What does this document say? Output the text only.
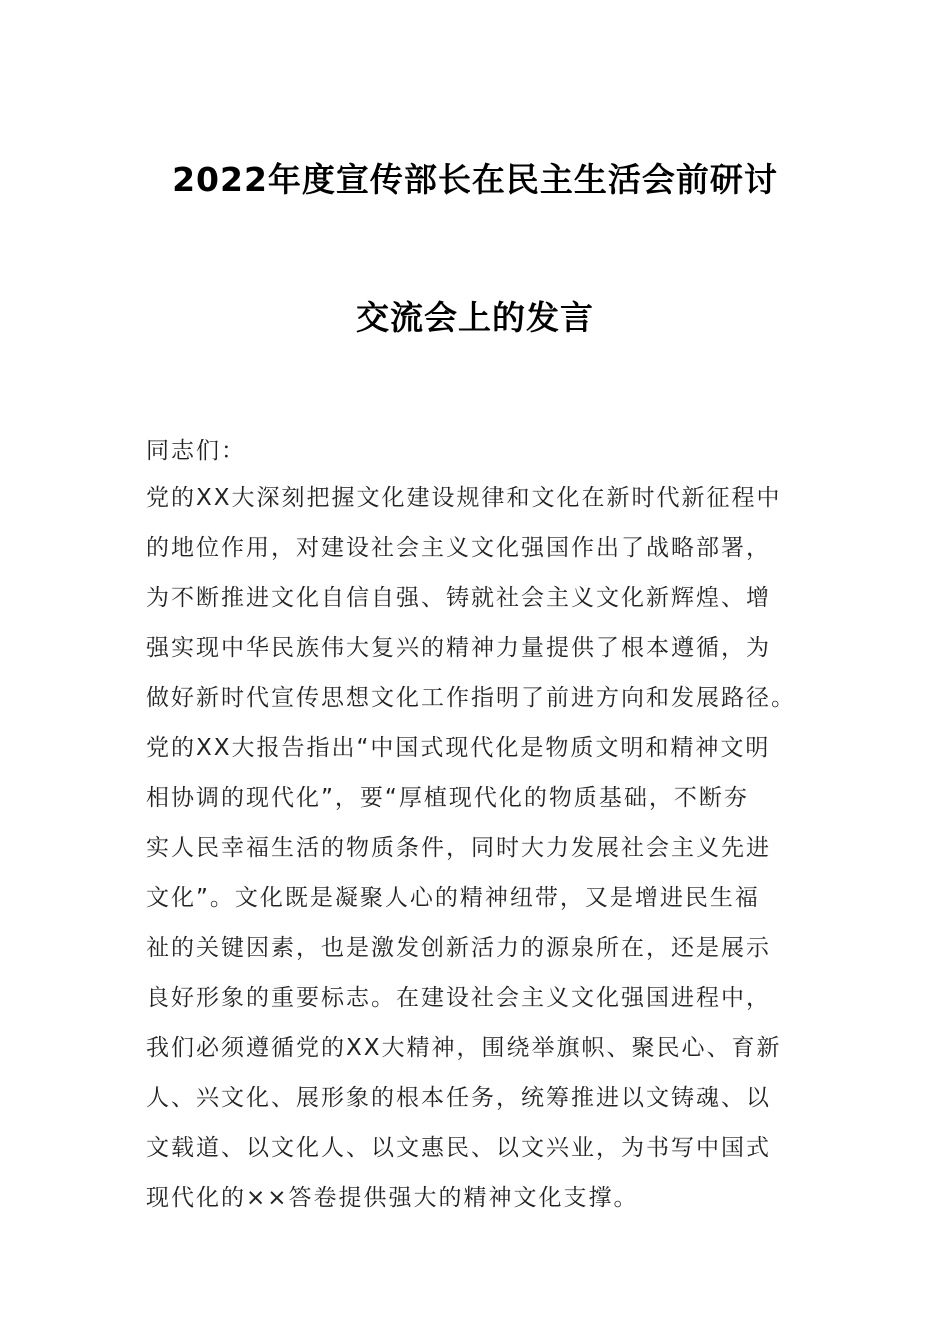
2022年度宣传部长在民主生活会前研讨
交流会上的发言
同志们：
党的XX大深刻把握文化建设规律和文化在新时代新征程中
的地位作用，对建设社会主义文化强国作出了战略部署，
为不断推进文化自信自强、铸就社会主义文化新辉煌、增
强实现中华民族伟大复兴的精神力量提供了根本遵循，为
做好新时代宣传思想文化工作指明了前进方向和发展路径。
党的XX大报告指出“中国式现代化是物质文明和精神文明
相协调的现代化”，要“厚植现代化的物质基础，不断夯
实人民幸福生活的物质条件，同时大力发展社会主义先进
文化”。文化既是凝聚人心的精神纽带，又是增进民生福
祉的关键因素，也是激发创新活力的源泉所在，还是展示
良好形象的重要标志。在建设社会主义文化强国进程中，
我们必须遵循党的XX大精神，围绕举旗帜、聚民心、育新
人、兴文化、展形象的根本任务，统筹推进以文铸魂、以
文载道、以文化人、以文惠民、以文兴业，为书写中国式
现代化的××答卷提供强大的精神文化支撑。
